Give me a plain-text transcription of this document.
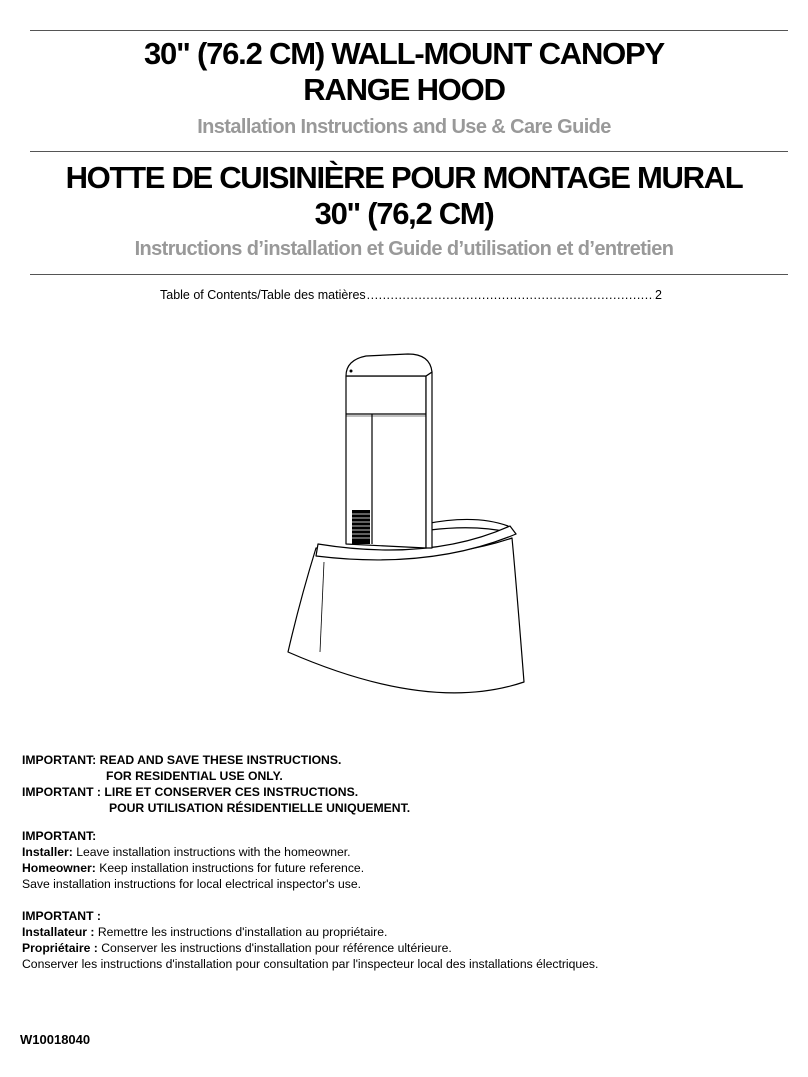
30" (76.2 CM) WALL-MOUNT CANOPY
RANGE HOOD
Installation Instructions and Use & Care Guide
HOTTE DE CUISINIÈRE POUR MONTAGE MURAL
30" (76,2 CM)
Instructions d’installation et Guide d’utilisation et d’entretien
Table of Contents/Table des matières
.....	2
IMPORTANT: READ AND SAVE THESE INSTRUCTIONS.
FOR RESIDENTIAL USE ONLY.
IMPORTANT : LIRE ET CONSERVER CES INSTRUCTIONS.
POUR UTILISATION RÉSIDENTIELLE UNIQUEMENT.
IMPORTANT:
Installer: Leave installation instructions with the homeowner.
Homeowner: Keep installation instructions for future reference.
Save installation instructions for local electrical inspector's use.
IMPORTANT :
Installateur : Remettre les instructions d'installation au propriétaire.
Propriétaire : Conserver les instructions d'installation pour référence ultérieure.
Conserver les instructions d'installation pour consultation par l'inspecteur local des installations électriques.
W10018040
